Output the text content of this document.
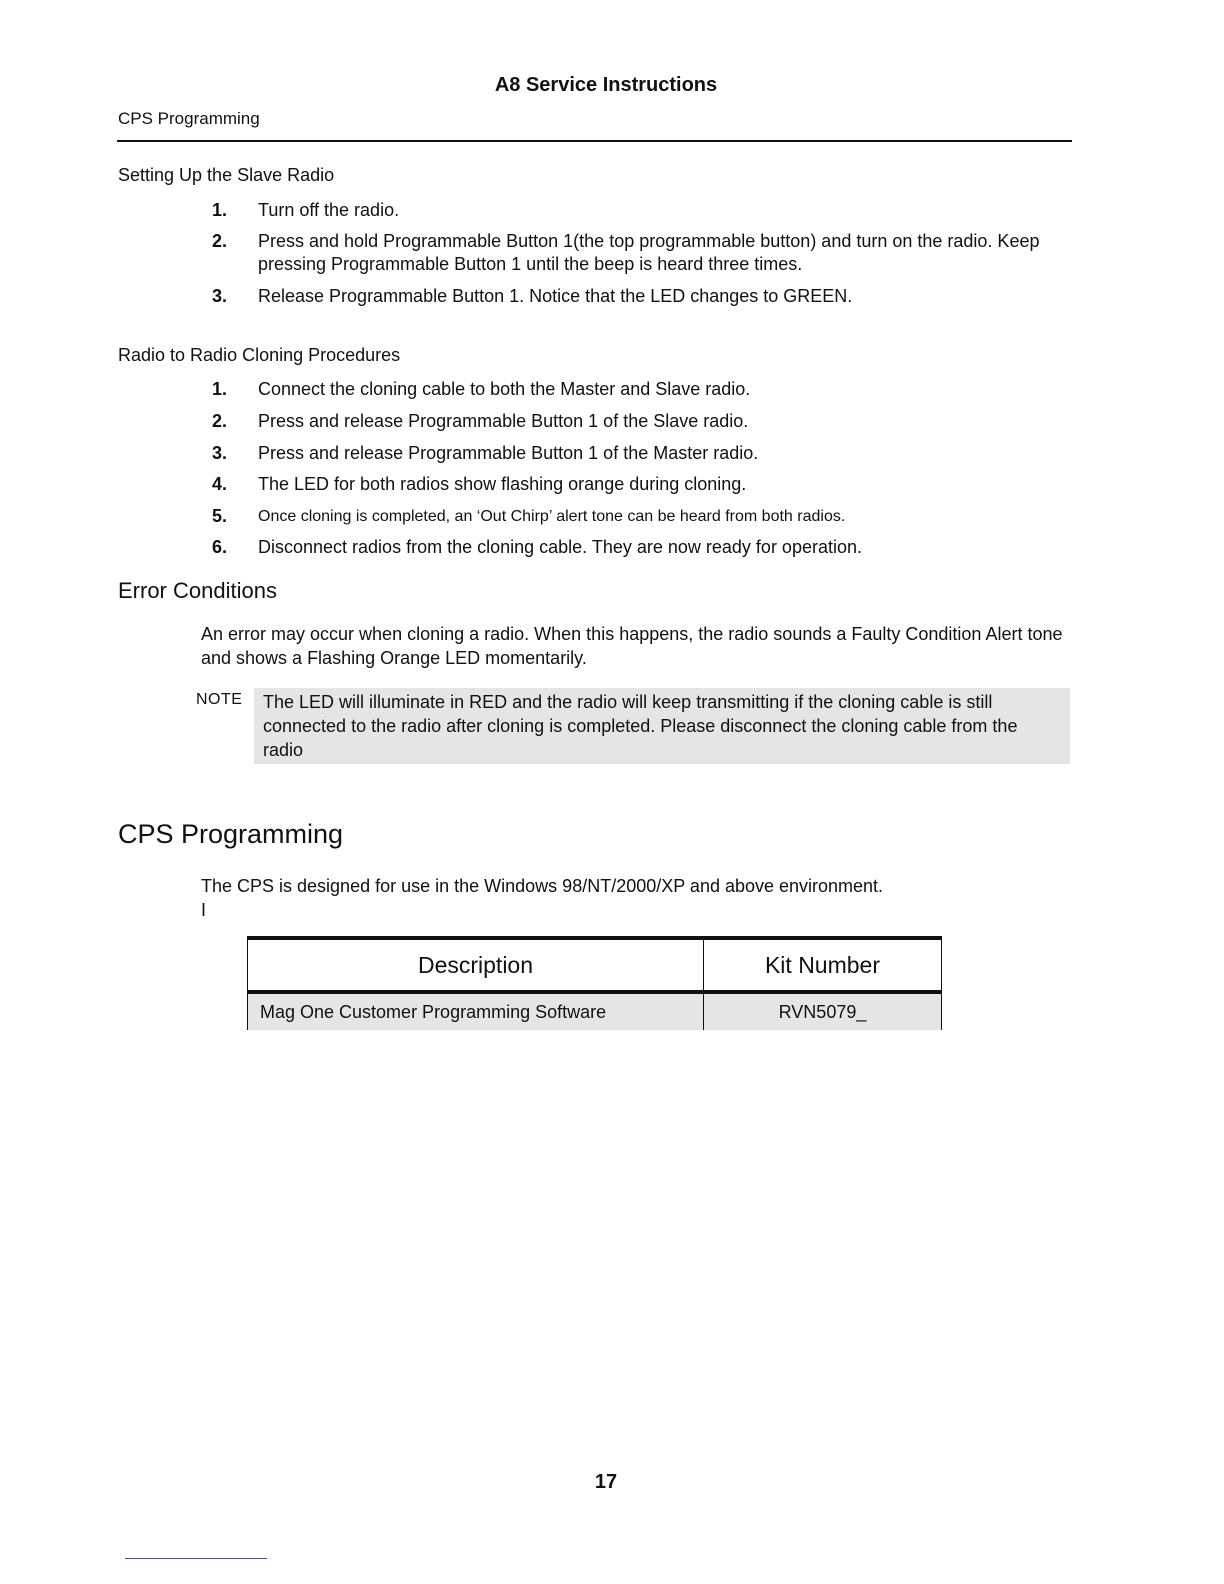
A8 Service Instructions
CPS Programming
Setting Up the Slave Radio
1. Turn off the radio.
2. Press and hold Programmable Button 1(the top programmable button) and turn on the radio. Keep pressing Programmable Button 1 until the beep is heard three times.
3. Release Programmable Button 1. Notice that the LED changes to GREEN.
Radio to Radio Cloning Procedures
1. Connect the cloning cable to both the Master and Slave radio.
2. Press and release Programmable Button 1 of the Slave radio.
3. Press and release Programmable Button 1 of the Master radio.
4. The LED for both radios show flashing orange during cloning.
5. Once cloning is completed, an ‘Out Chirp’ alert tone can be heard from both radios.
6. Disconnect radios from the cloning cable. They are now ready for operation.
Error Conditions
An error may occur when cloning a radio. When this happens, the radio sounds a Faulty Condition Alert tone and shows a Flashing Orange LED momentarily.
NOTE	The LED will illuminate in RED and the radio will keep transmitting if the cloning cable is still connected to the radio after cloning is completed. Please disconnect the cloning cable from the radio
CPS Programming
The CPS is designed for use in the Windows 98/NT/2000/XP and above environment.
I
Description	Kit Number
Mag One Customer Programming Software	RVN5079_
17
